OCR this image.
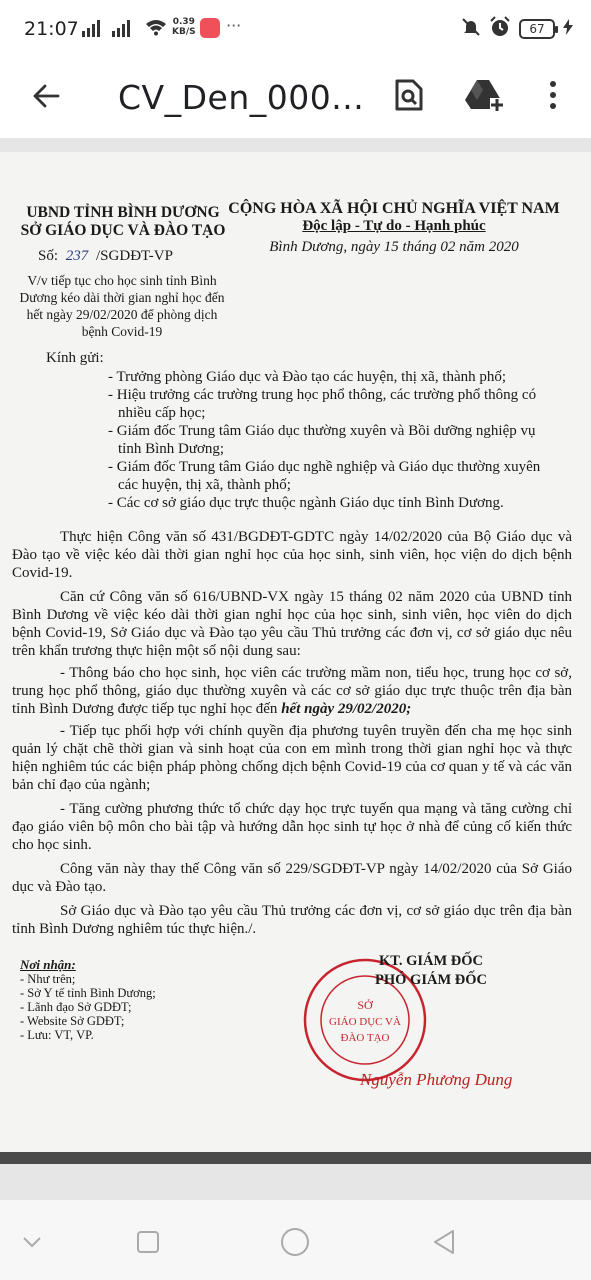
21:07	0.39
KB/S ···	67
CV_Den_000...
UBND TỈNH BÌNH DƯƠNG
SỞ GIÁO DỤC VÀ ĐÀO TẠO
CỘNG HÒA XÃ HỘI CHỦ NGHĨA VIỆT NAM
Độc lập - Tự do - Hạnh phúc
Bình Dương, ngày 15 tháng 02 năm 2020
Số: 237 /SGDĐT-VP
V/v tiếp tục cho học sinh tỉnh Bình Dương kéo dài thời gian nghỉ học đến hết ngày 29/02/2020 để phòng dịch bệnh Covid-19
Kính gửi:
- Trưởng phòng Giáo dục và Đào tạo các huyện, thị xã, thành phố;
- Hiệu trưởng các trường trung học phổ thông, các trường phổ thông có nhiều cấp học;
- Giám đốc Trung tâm Giáo dục thường xuyên và Bồi dưỡng nghiệp vụ tỉnh Bình Dương;
- Giám đốc Trung tâm Giáo dục nghề nghiệp và Giáo dục thường xuyên các huyện, thị xã, thành phố;
- Các cơ sở giáo dục trực thuộc ngành Giáo dục tỉnh Bình Dương.
Thực hiện Công văn số 431/BGDĐT-GDTC ngày 14/02/2020 của Bộ Giáo dục và Đào tạo về việc kéo dài thời gian nghỉ học của học sinh, sinh viên, học viện do dịch bệnh Covid-19.
Căn cứ Công văn số 616/UBND-VX ngày 15 tháng 02 năm 2020 của UBND tỉnh Bình Dương về việc kéo dài thời gian nghỉ học của học sinh, sinh viên, học viên do dịch bệnh Covid-19, Sở Giáo dục và Đào tạo yêu cầu Thủ trưởng các đơn vị, cơ sở giáo dục nêu trên khẩn trương thực hiện một số nội dung sau:
- Thông báo cho học sinh, học viên các trường mầm non, tiểu học, trung học cơ sở, trung học phổ thông, giáo dục thường xuyên và các cơ sở giáo dục trực thuộc trên địa bàn tỉnh Bình Dương được tiếp tục nghỉ học đến hết ngày 29/02/2020;
- Tiếp tục phối hợp với chính quyền địa phương tuyên truyền đến cha mẹ học sinh quản lý chặt chẽ thời gian và sinh hoạt của con em mình trong thời gian nghỉ học và thực hiện nghiêm túc các biện pháp phòng chống dịch bệnh Covid-19 của cơ quan y tế và các văn bản chỉ đạo của ngành;
- Tăng cường phương thức tổ chức dạy học trực tuyến qua mạng và tăng cường chỉ đạo giáo viên bộ môn cho bài tập và hướng dẫn học sinh tự học ở nhà để củng cố kiến thức cho học sinh.
Công văn này thay thế Công văn số 229/SGDĐT-VP ngày 14/02/2020 của Sở Giáo dục và Đào tạo.
Sở Giáo dục và Đào tạo yêu cầu Thủ trưởng các đơn vị, cơ sở giáo dục trên địa bàn tỉnh Bình Dương nghiêm túc thực hiện./.
Nơi nhận:
- Như trên;
- Sở Y tế tỉnh Bình Dương;
- Lãnh đạo Sở GDĐT;
- Website Sở GDĐT;
- Lưu: VT, VP.
SỞ
GIÁO DỤC VÀ
ĐÀO TẠO
KT. GIÁM ĐỐC
PHÓ GIÁM ĐỐC
Nguyễn Phương Dung
